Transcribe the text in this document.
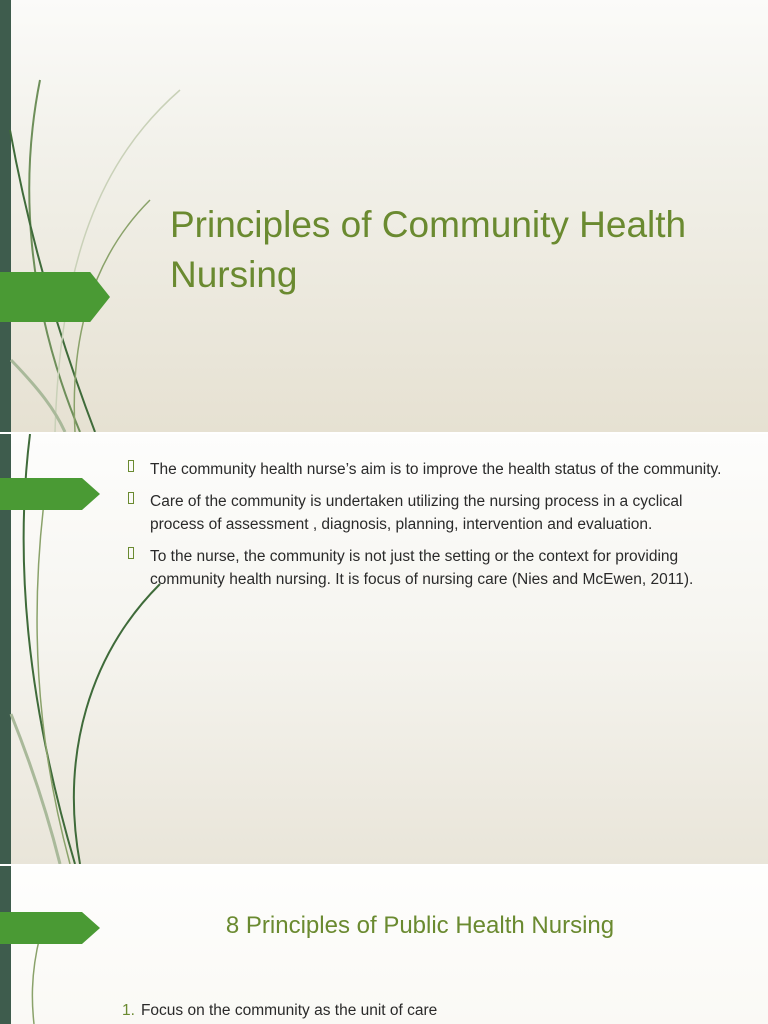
Principles of Community Health Nursing
The community health nurse’s aim is to improve the health status of the community.
Care of the community is undertaken utilizing the nursing process in a cyclical process of assessment , diagnosis, planning, intervention and evaluation.
To the nurse, the community is not just the setting or the context for providing community health nursing. It is focus of nursing care (Nies and McEwen, 2011).
8 Principles of Public Health Nursing
1. Focus on the community as the unit of care
